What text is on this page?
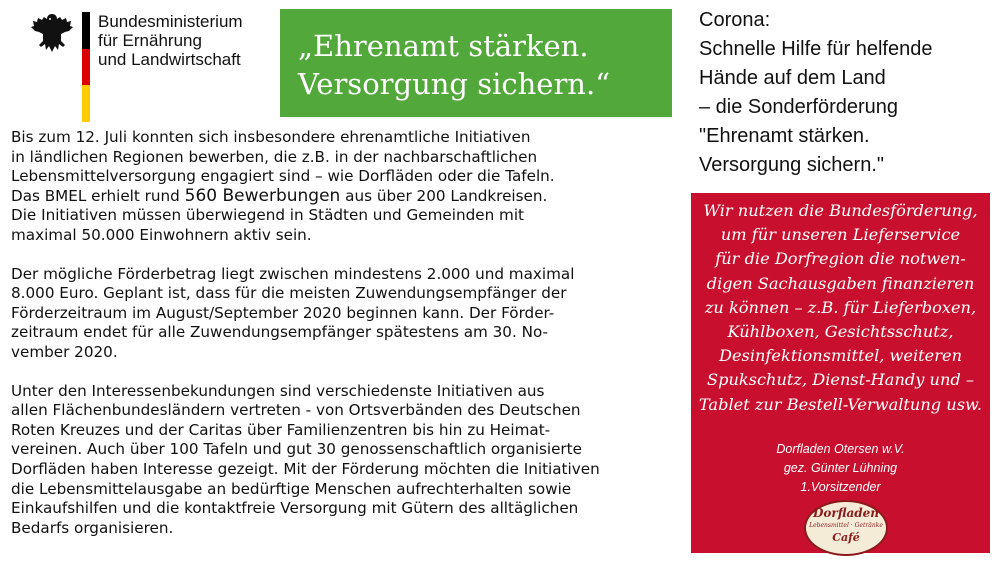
Bundesministerium
für Ernährung
und Landwirtschaft „Ehrenamt stärken.
Versorgung sichern.“
Corona:
Schnelle Hilfe für helfende
Hände auf dem Land
– die Sonderförderung
"Ehrenamt stärken.
Versorgung sichern."

Bis zum 12. Juli konnten sich insbesondere ehrenamtliche Initiativen
in ländlichen Regionen bewerben, die z.B. in der nachbarschaftlichen
Lebensmittelversorgung engagiert sind – wie Dorfläden oder die Tafeln.
Das BMEL erhielt rund 560 Bewerbungen aus über 200 Landkreisen.
Die Initiativen müssen überwiegend in Städten und Gemeinden mit
maximal 50.000 Einwohnern aktiv sein.

Der mögliche Förderbetrag liegt zwischen mindestens 2.000 und maximal
8.000 Euro. Geplant ist, dass für die meisten Zuwendungsempfänger der
Förderzeitraum im August/September 2020 beginnen kann. Der Förder-
zeitraum endet für alle Zuwendungsempfänger spätestens am 30. No-
vember 2020.

Unter den Interessenbekundungen sind verschiedenste Initiativen aus
allen Flächenbundesländern vertreten - von Ortsverbänden des Deutschen
Roten Kreuzes und der Caritas über Familienzentren bis hin zu Heimat-
vereinen. Auch über 100 Tafeln und gut 30 genossenschaftlich organisierte
Dorfläden haben Interesse gezeigt. Mit der Förderung möchten die Initiativen
die Lebensmittelausgabe an bedürftige Menschen aufrechterhalten sowie
Einkaufshilfen und die kontaktfreie Versorgung mit Gütern des alltäglichen
Bedarfs organisieren.

Wir nutzen die Bundesförderung,
um für unseren Lieferservice
für die Dorfregion die notwen-
digen Sachausgaben finanzieren
zu können – z.B. für Lieferboxen,
Kühlboxen, Gesichtsschutz,
Desinfektionsmittel, weiteren
Spukschutz, Dienst-Handy und –
Tablet zur Bestell-Verwaltung usw.
Dorfladen Otersen w.V.
gez. Günter Lühning
1.Vorsitzender
Dorfladen
Lebensmittel · Getränke
Café
